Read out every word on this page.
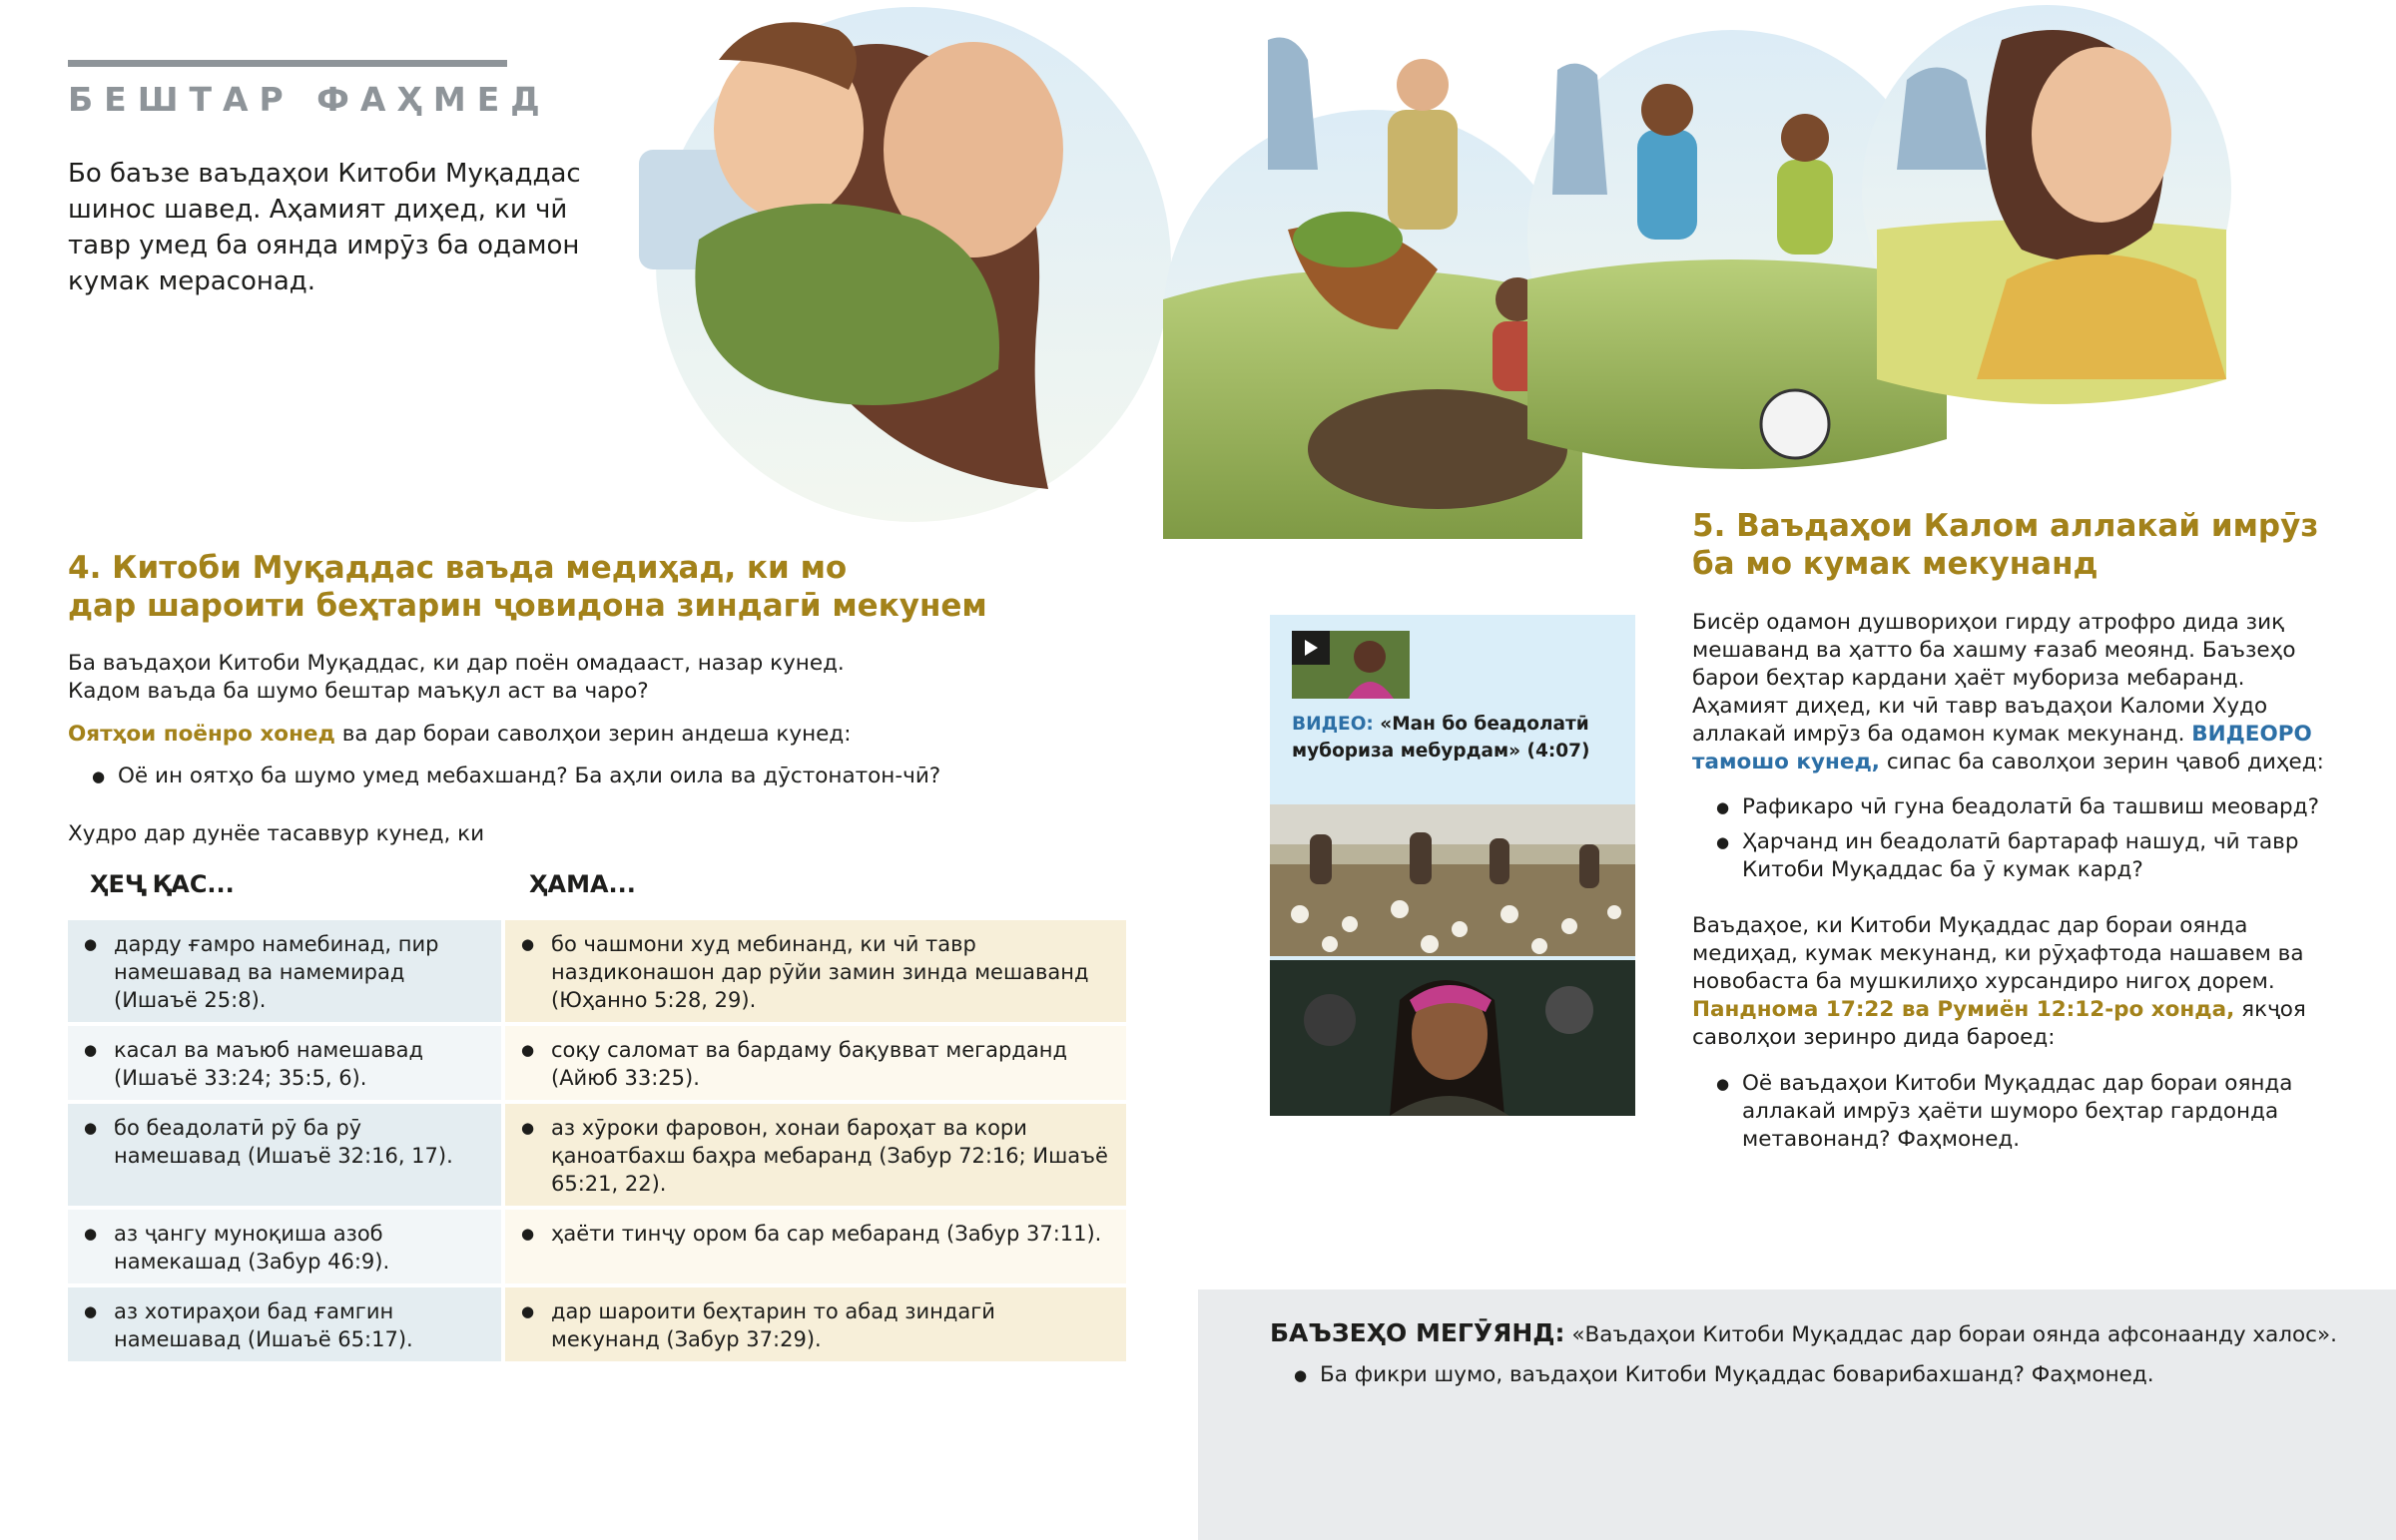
БЕШТАР ФАҲМЕД
Бо баъзе ваъдаҳои Китоби Муқаддас шинос шавед. Аҳамият диҳед, ки чӣ тавр умед ба оянда имрӯз ба одамон кумак мерасонад.
4. Китоби Муқаддас ваъда медиҳад, ки мо
дар шароити беҳтарин ҷовидона зиндагӣ мекунем
Ба ваъдаҳои Китоби Муқаддас, ки дар поён омадааст, назар кунед.
Кадом ваъда ба шумо бештар маъқул аст ва чаро?
Оятҳои поёнро хонед ва дар бораи саволҳои зерин андеша кунед:
● Оё ин оятҳо ба шумо умед мебахшанд? Ба аҳли оила ва дӯстонатон-чӣ?
Худро дар дунёе тасаввур кунед, ки
ҲЕҶ ҚАС...	ҲАМА...
● дарду ғамро намебинад, пир намешавад ва намемирад (Ишаъё 25:8).
● бо чашмони худ мебинанд, ки чӣ тавр наздиконашон дар рӯйи замин зинда мешаванд (Юҳанно 5:28, 29).
● касал ва маъюб намешавад (Ишаъё 33:24; 35:5, 6).
● соқу саломат ва бардаму бақувват мегарданд (Айюб 33:25).
● бо беадолатӣ рӯ ба рӯ намешавад (Ишаъё 32:16, 17).
● аз хӯроки фаровон, хонаи бароҳат ва кори қаноатбахш баҳра мебаранд (Забур 72:16; Ишаъё 65:21, 22).
● аз ҷангу муноқиша азоб намекашад (Забур 46:9).
● ҳаёти тинҷу ором ба сар мебаранд (Забур 37:11).
● аз хотираҳои бад ғамгин намешавад (Ишаъё 65:17).
● дар шароити беҳтарин то абад зиндагӣ мекунанд (Забур 37:29).
ВИДЕО: «Ман бо беадолатӣ мубориза мебурдам» (4:07)
5. Ваъдаҳои Калом аллакай имрӯз
ба мо кумак мекунанд
Бисёр одамон душвориҳои гирду атрофро дида зиқ мешаванд ва ҳатто ба хашму ғазаб меоянд. Баъзеҳо барои беҳтар кардани ҳаёт мубориза мебаранд. Аҳамият диҳед, ки чӣ тавр ваъдаҳои Каломи Худо аллакай имрӯз ба одамон кумак мекунанд. ВИДЕОРО тамошо кунед, сипас ба саволҳои зерин ҷавоб диҳед:
● Рафикаро чӣ гуна беадолатӣ ба ташвиш меовард?
● Ҳарчанд ин беадолатӣ бартараф нашуд, чӣ тавр Китоби Муқаддас ба ӯ кумак кард?
Ваъдаҳое, ки Китоби Муқаддас дар бораи оянда медиҳад, кумак мекунанд, ки рӯҳафтода нашавем ва новобаста ба мушкилиҳо хурсандиро нигоҳ дорем. Пандномa 17:22 ва Румиён 12:12-ро хонда, якҷоя саволҳои зеринро дида бароед:
● Оё ваъдаҳои Китоби Муқаддас дар бораи оянда аллакай имрӯз ҳаёти шуморо беҳтар гардонда метавонанд? Фаҳмонед.
БАЪЗЕҲО МЕГӮЯНД: «Ваъдаҳои Китоби Муқаддас дар бораи оянда афсонаанду халос».
● Ба фикри шумо, ваъдаҳои Китоби Муқаддас боварибахшанд? Фаҳмонед.
